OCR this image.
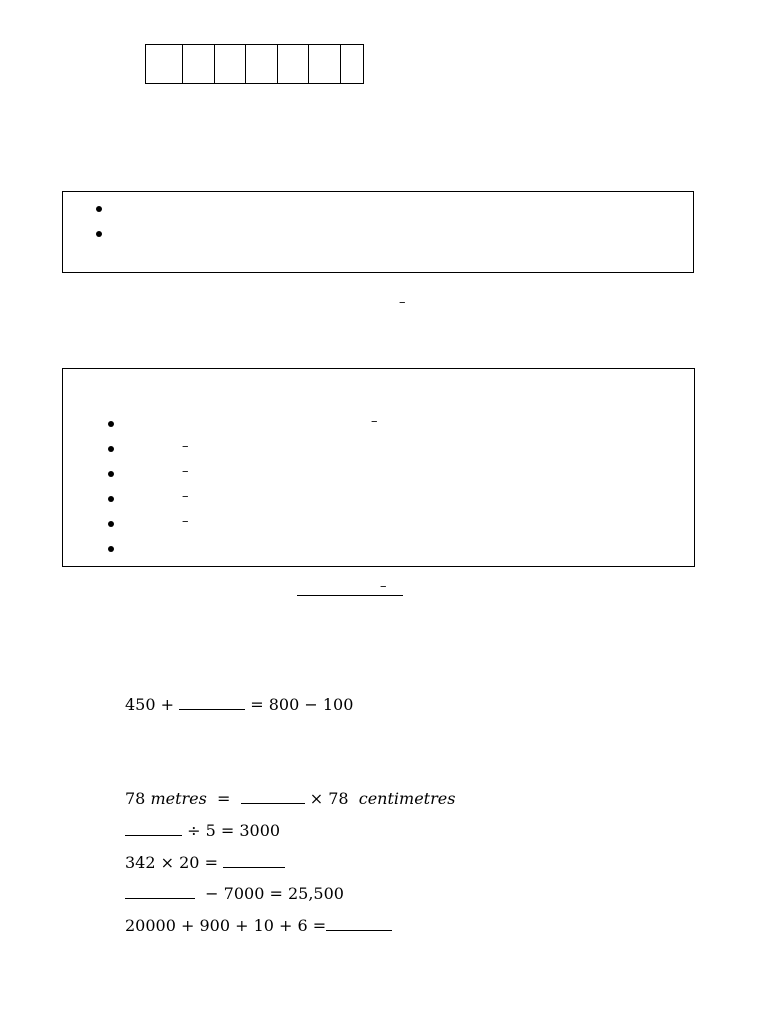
–
–
–
–
–
–
–
450 +	= 800 − 100
78 metres =	× 78 centimetres
÷ 5 = 3000
342 × 20 =
− 7000 = 25,500
20000 + 900 + 10 + 6 =
